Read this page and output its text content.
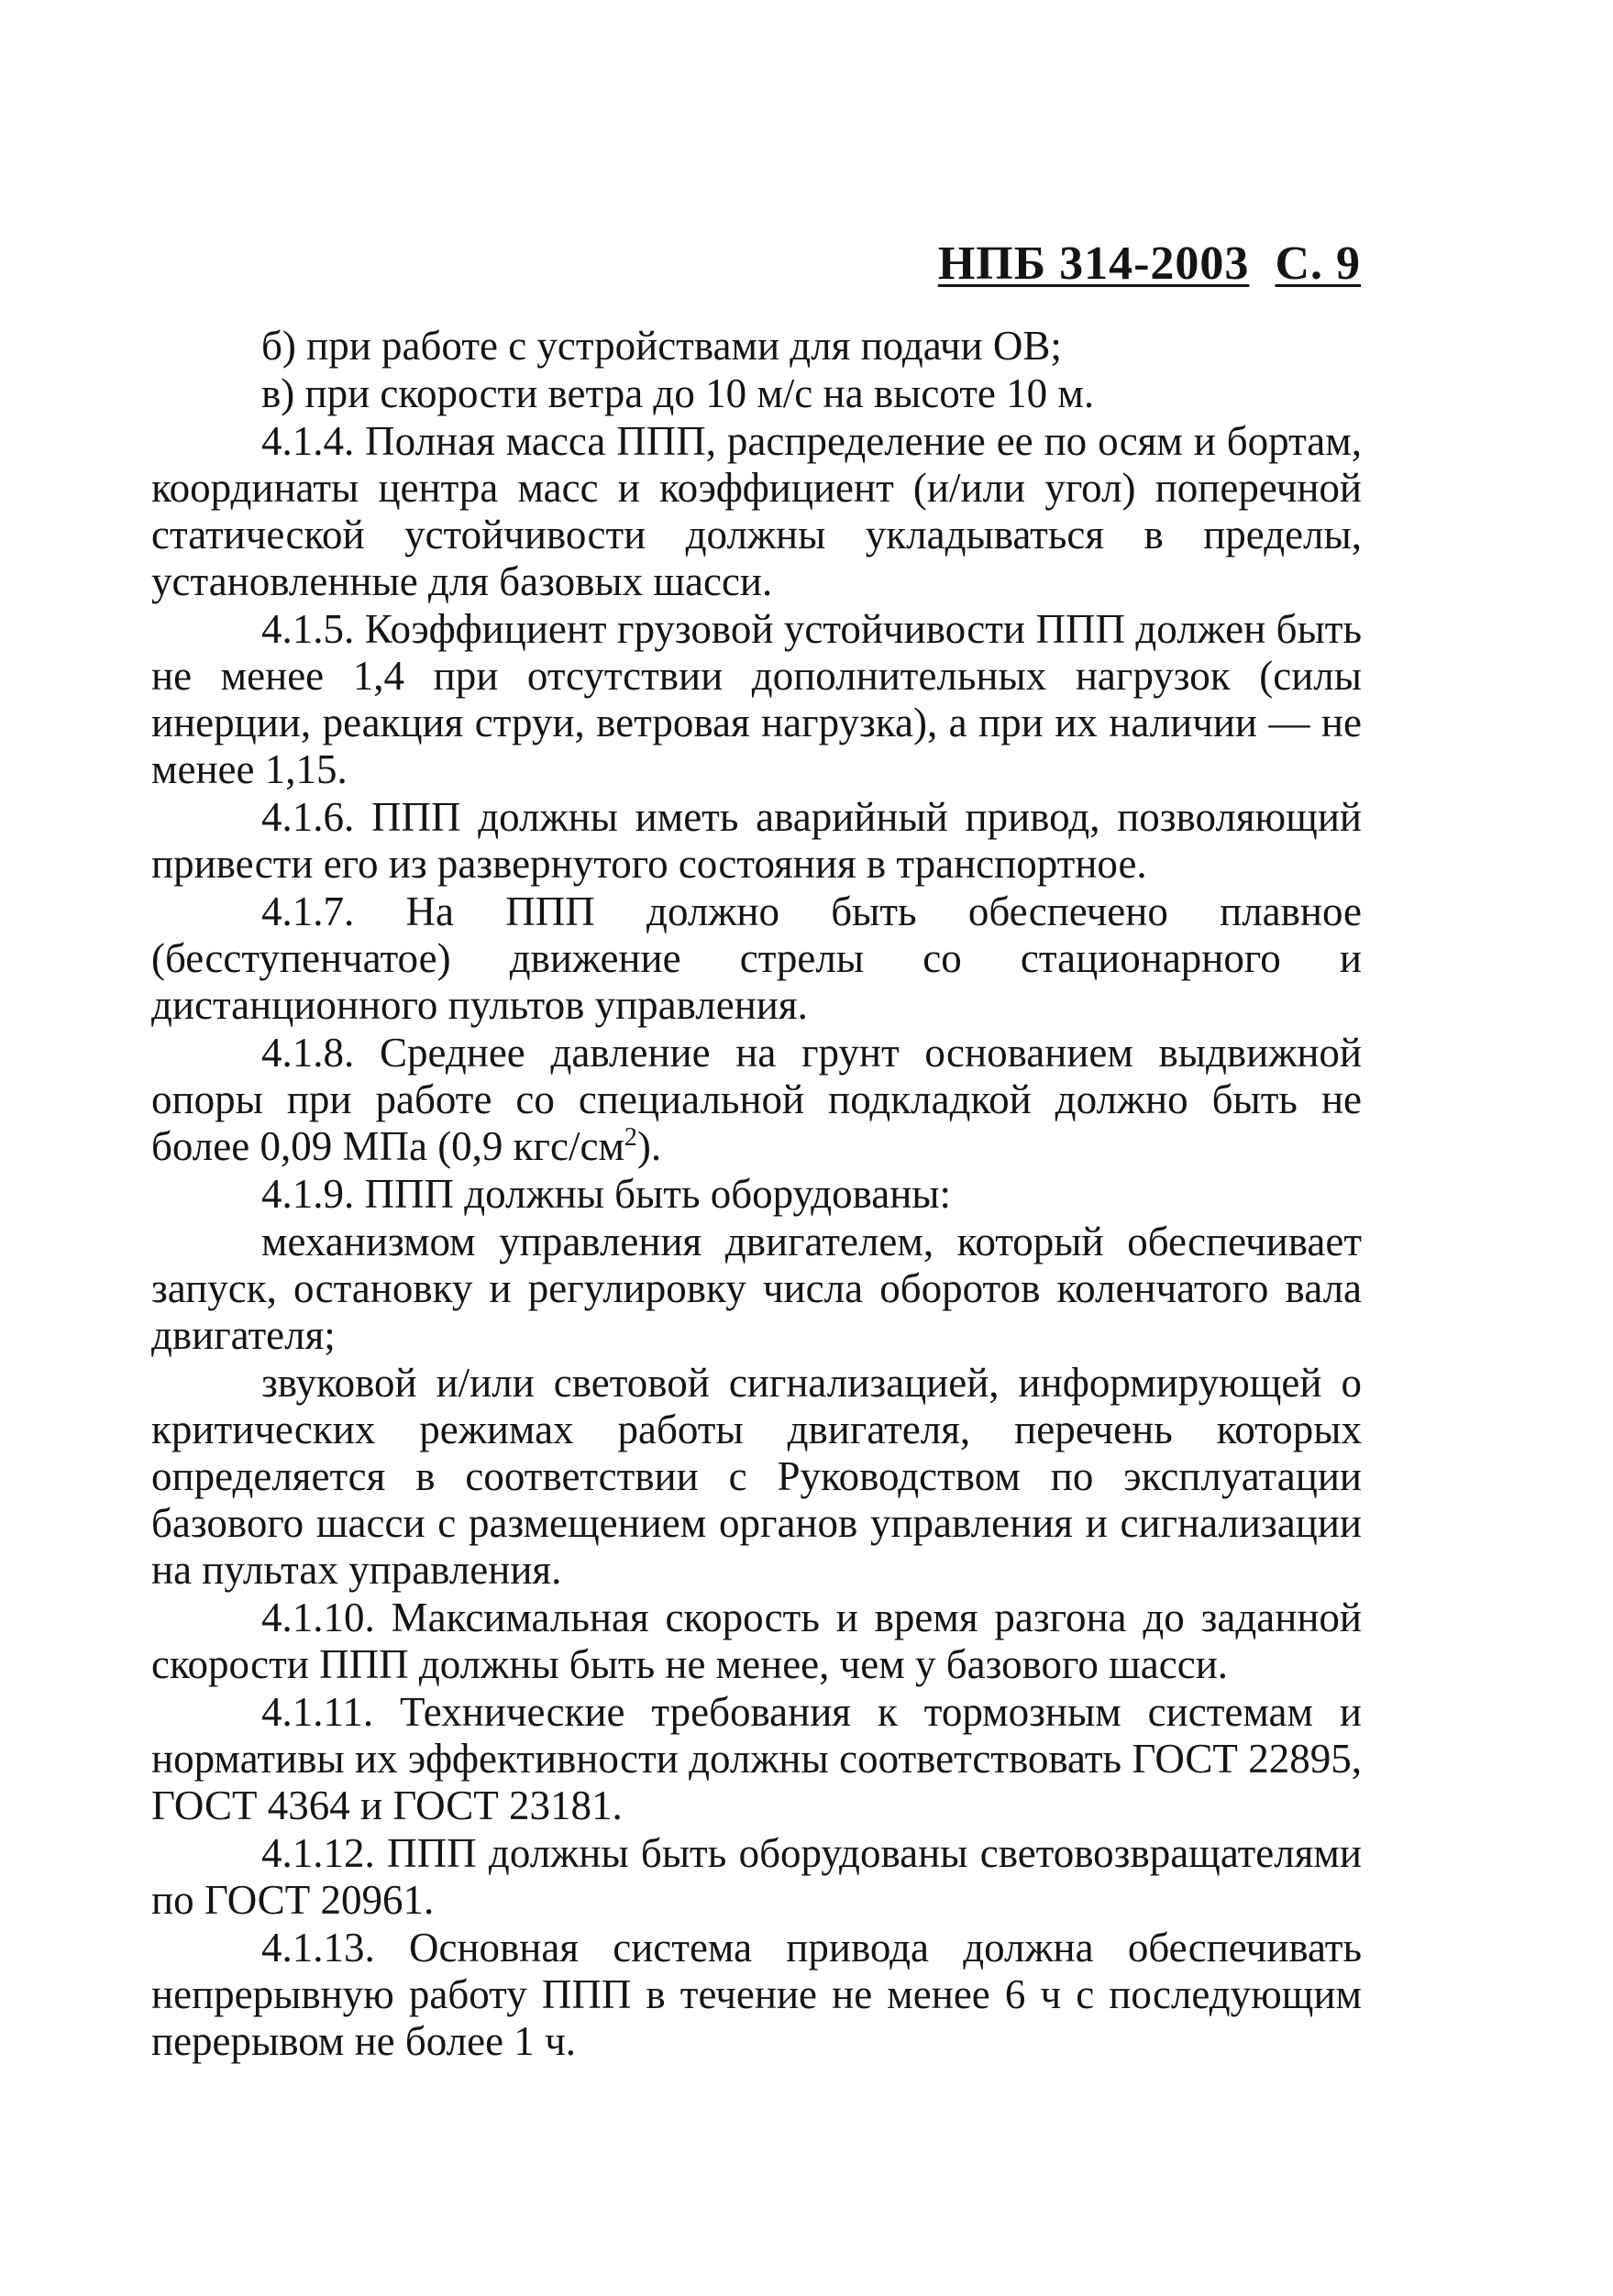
НПБ 314-2003 С. 9

б) при работе с устройствами для подачи ОВ;

в) при скорости ветра до 10 м/с на высоте 10 м.

4.1.4. Полная масса ППП, распределение ее по осям и бортам, координаты центра масс и коэффициент (и/или угол) поперечной статической устойчивости должны укладываться в пределы, установленные для базовых шасси.

4.1.5. Коэффициент грузовой устойчивости ППП должен быть не менее 1,4 при отсутствии дополнительных нагрузок (силы инерции, реакция струи, ветровая нагрузка), а при их наличии — не менее 1,15.

4.1.6. ППП должны иметь аварийный привод, позволяющий привести его из развернутого состояния в транспортное.

4.1.7. На ППП должно быть обеспечено плавное (бесступенчатое) движение стрелы со стационарного и дистанционного пультов управления.

4.1.8. Среднее давление на грунт основанием выдвижной опоры при работе со специальной подкладкой должно быть не более 0,09 МПа (0,9 кгс/$см^2$).

4.1.9. ППП должны быть оборудованы:

механизмом управления двигателем, который обеспечивает запуск, остановку и регулировку числа оборотов коленчатого вала двигателя;

звуковой и/или световой сигнализацией, информирующей о критических режимах работы двигателя, перечень которых определяется в соответствии с Руководством по эксплуатации базового шасси с размещением органов управления и сигнализации на пультах управления.

4.1.10. Максимальная скорость и время разгона до заданной скорости ППП должны быть не менее, чем у базового шасси.

4.1.11. Технические требования к тормозным системам и нормативы их эффективности должны соответствовать ГОСТ 22895, ГОСТ 4364 и ГОСТ 23181.

4.1.12. ППП должны быть оборудованы световозвращателями по ГОСТ 20961.

4.1.13. Основная система привода должна обеспечивать непрерывную работу ППП в течение не менее 6 ч с последующим перерывом не более 1 ч.
